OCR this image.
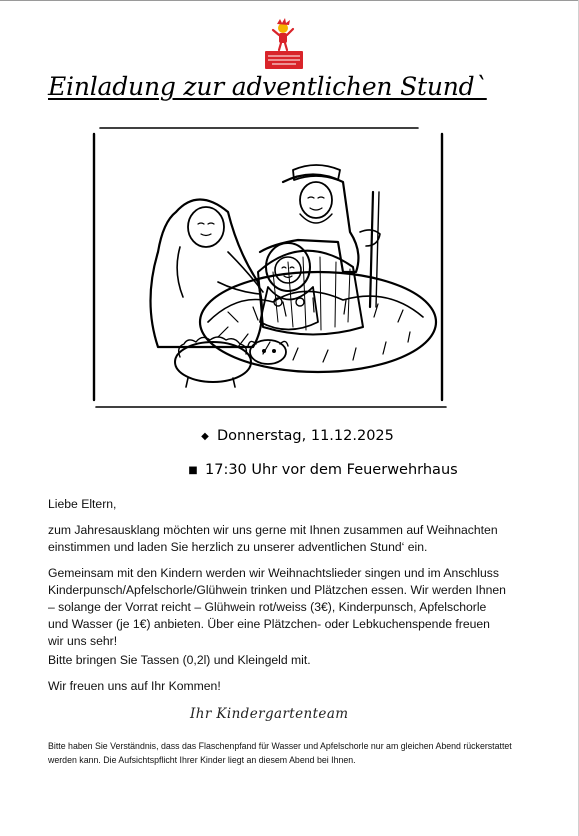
Einladung zur adventlichen Stund`
◆ Donnerstag, 11.12.2025
■ 17:30 Uhr vor dem Feuerwehrhaus

Liebe Eltern,

zum Jahresausklang möchten wir uns gerne mit Ihnen zusammen auf Weihnachten einstimmen und laden Sie herzlich zu unserer adventlichen Stund‘ ein.

Gemeinsam mit den Kindern werden wir Weihnachtslieder singen und im Anschluss Kinderpunsch/Apfelschorle/Glühwein trinken und Plätzchen essen. Wir werden Ihnen – solange der Vorrat reicht – Glühwein rot/weiss (3€), Kinderpunsch, Apfelschorle und Wasser (je 1€) anbieten. Über eine Plätzchen- oder Lebkuchenspende freuen wir uns sehr!

Bitte bringen Sie Tassen (0,2l) und Kleingeld mit.

Wir freuen uns auf Ihr Kommen!

Ihr Kindergartenteam

Bitte haben Sie Verständnis, dass das Flaschenpfand für Wasser und Apfelschorle nur am gleichen Abend rückerstattet werden kann. Die Aufsichtspflicht Ihrer Kinder liegt an diesem Abend bei Ihnen.
